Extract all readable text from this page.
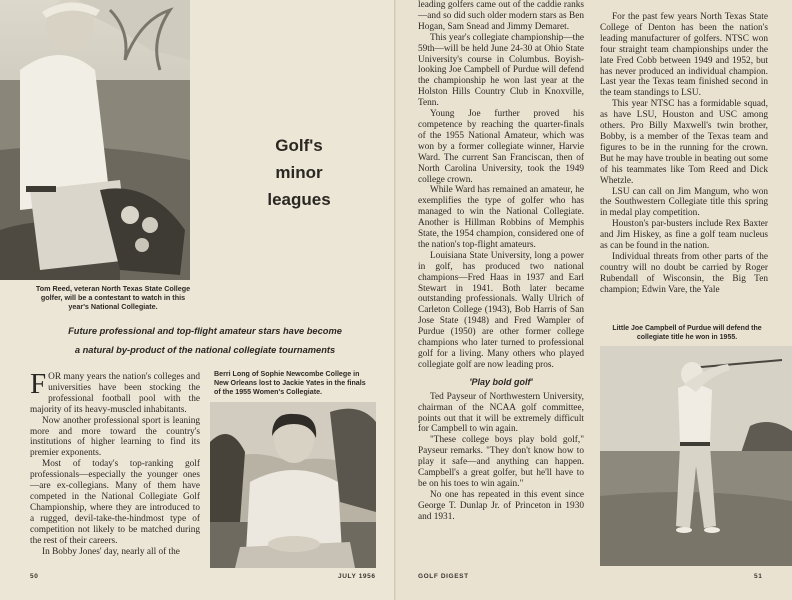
Tom Reed, veteran North Texas State College golfer, will be a contestant to watch in this year's National Collegiate.
Golf's
minor
leagues
Future professional and top-flight amateur stars have become
a natural by-product of the national collegiate tournaments

FOR many years the nation's colleges and universities have been stocking the professional football pool with the majority of its heavy-muscled inhabitants.

Now another professional sport is leaning more and more toward the country's institutions of higher learning to find its premier exponents.

Most of today's top-ranking golf professionals—especially the younger ones—are ex-collegians. Many of them have competed in the National Collegiate Golf Championship, where they are introduced to a rugged, devil-take-the-hindmost type of competition not likely to be matched during the rest of their careers.

In Bobby Jones' day, nearly all of the

Berri Long of Sophie Newcombe College in New Orleans lost to Jackie Yates in the finals of the 1955 Women's Collegiate.
50	JULY 1956

leading golfers came out of the caddie ranks—and so did such older modern stars as Ben Hogan, Sam Snead and Jimmy Demaret.

This year's collegiate championship—the 59th—will be held June 24-30 at Ohio State University's course in Columbus. Boyish-looking Joe Campbell of Purdue will defend the championship he won last year at the Holston Hills Country Club in Knoxville, Tenn.

Young Joe further proved his competence by reaching the quarter-finals of the 1955 National Amateur, which was won by a former collegiate winner, Harvie Ward. The current San Franciscan, then of North Carolina University, took the 1949 college crown.

While Ward has remained an amateur, he exemplifies the type of golfer who has managed to win the National Collegiate. Another is Hillman Robbins of Memphis State, the 1954 champion, considered one of the nation's top-flight amateurs.

Louisiana State University, long a power in golf, has produced two national champions—Fred Haas in 1937 and Earl Stewart in 1941. Both later became outstanding professionals. Wally Ulrich of Carleton College (1943), Bob Harris of San Jose State (1948) and Fred Wampler of Purdue (1950) are other former college champions who later turned to professional golf for a living. Many others who played collegiate golf are now leading pros.

'Play bold golf'

Ted Payseur of Northwestern University, chairman of the NCAA golf committee, points out that it will be extremely difficult for Campbell to win again.

"These college boys play bold golf," Payseur remarks. "They don't know how to play it safe—and anything can happen. Campbell's a great golfer, but he'll have to be on his toes to win again."

No one has repeated in this event since George T. Dunlap Jr. of Princeton in 1930 and 1931.

For the past few years North Texas State College of Denton has been the nation's leading manufacturer of golfers. NTSC won four straight team championships under the late Fred Cobb between 1949 and 1952, but has never produced an individual champion. Last year the Texas team finished second in the team standings to LSU.

This year NTSC has a formidable squad, as have LSU, Houston and USC among others. Pro Billy Maxwell's twin brother, Bobby, is a member of the Texas team and figures to be in the running for the crown. But he may have trouble in beating out some of his teammates like Tom Reed and Dick Whetzle.

LSU can call on Jim Mangum, who won the Southwestern Collegiate title this spring in medal play competition.

Houston's par-busters include Rex Baxter and Jim Hiskey, as fine a golf team nucleus as can be found in the nation.

Individual threats from other parts of the country will no doubt be carried by Roger Rubendall of Wisconsin, the Big Ten champion; Edwin Vare, the Yale

Little Joe Campbell of Purdue will defend the collegiate title he won in 1955.
GOLF DIGEST	51
